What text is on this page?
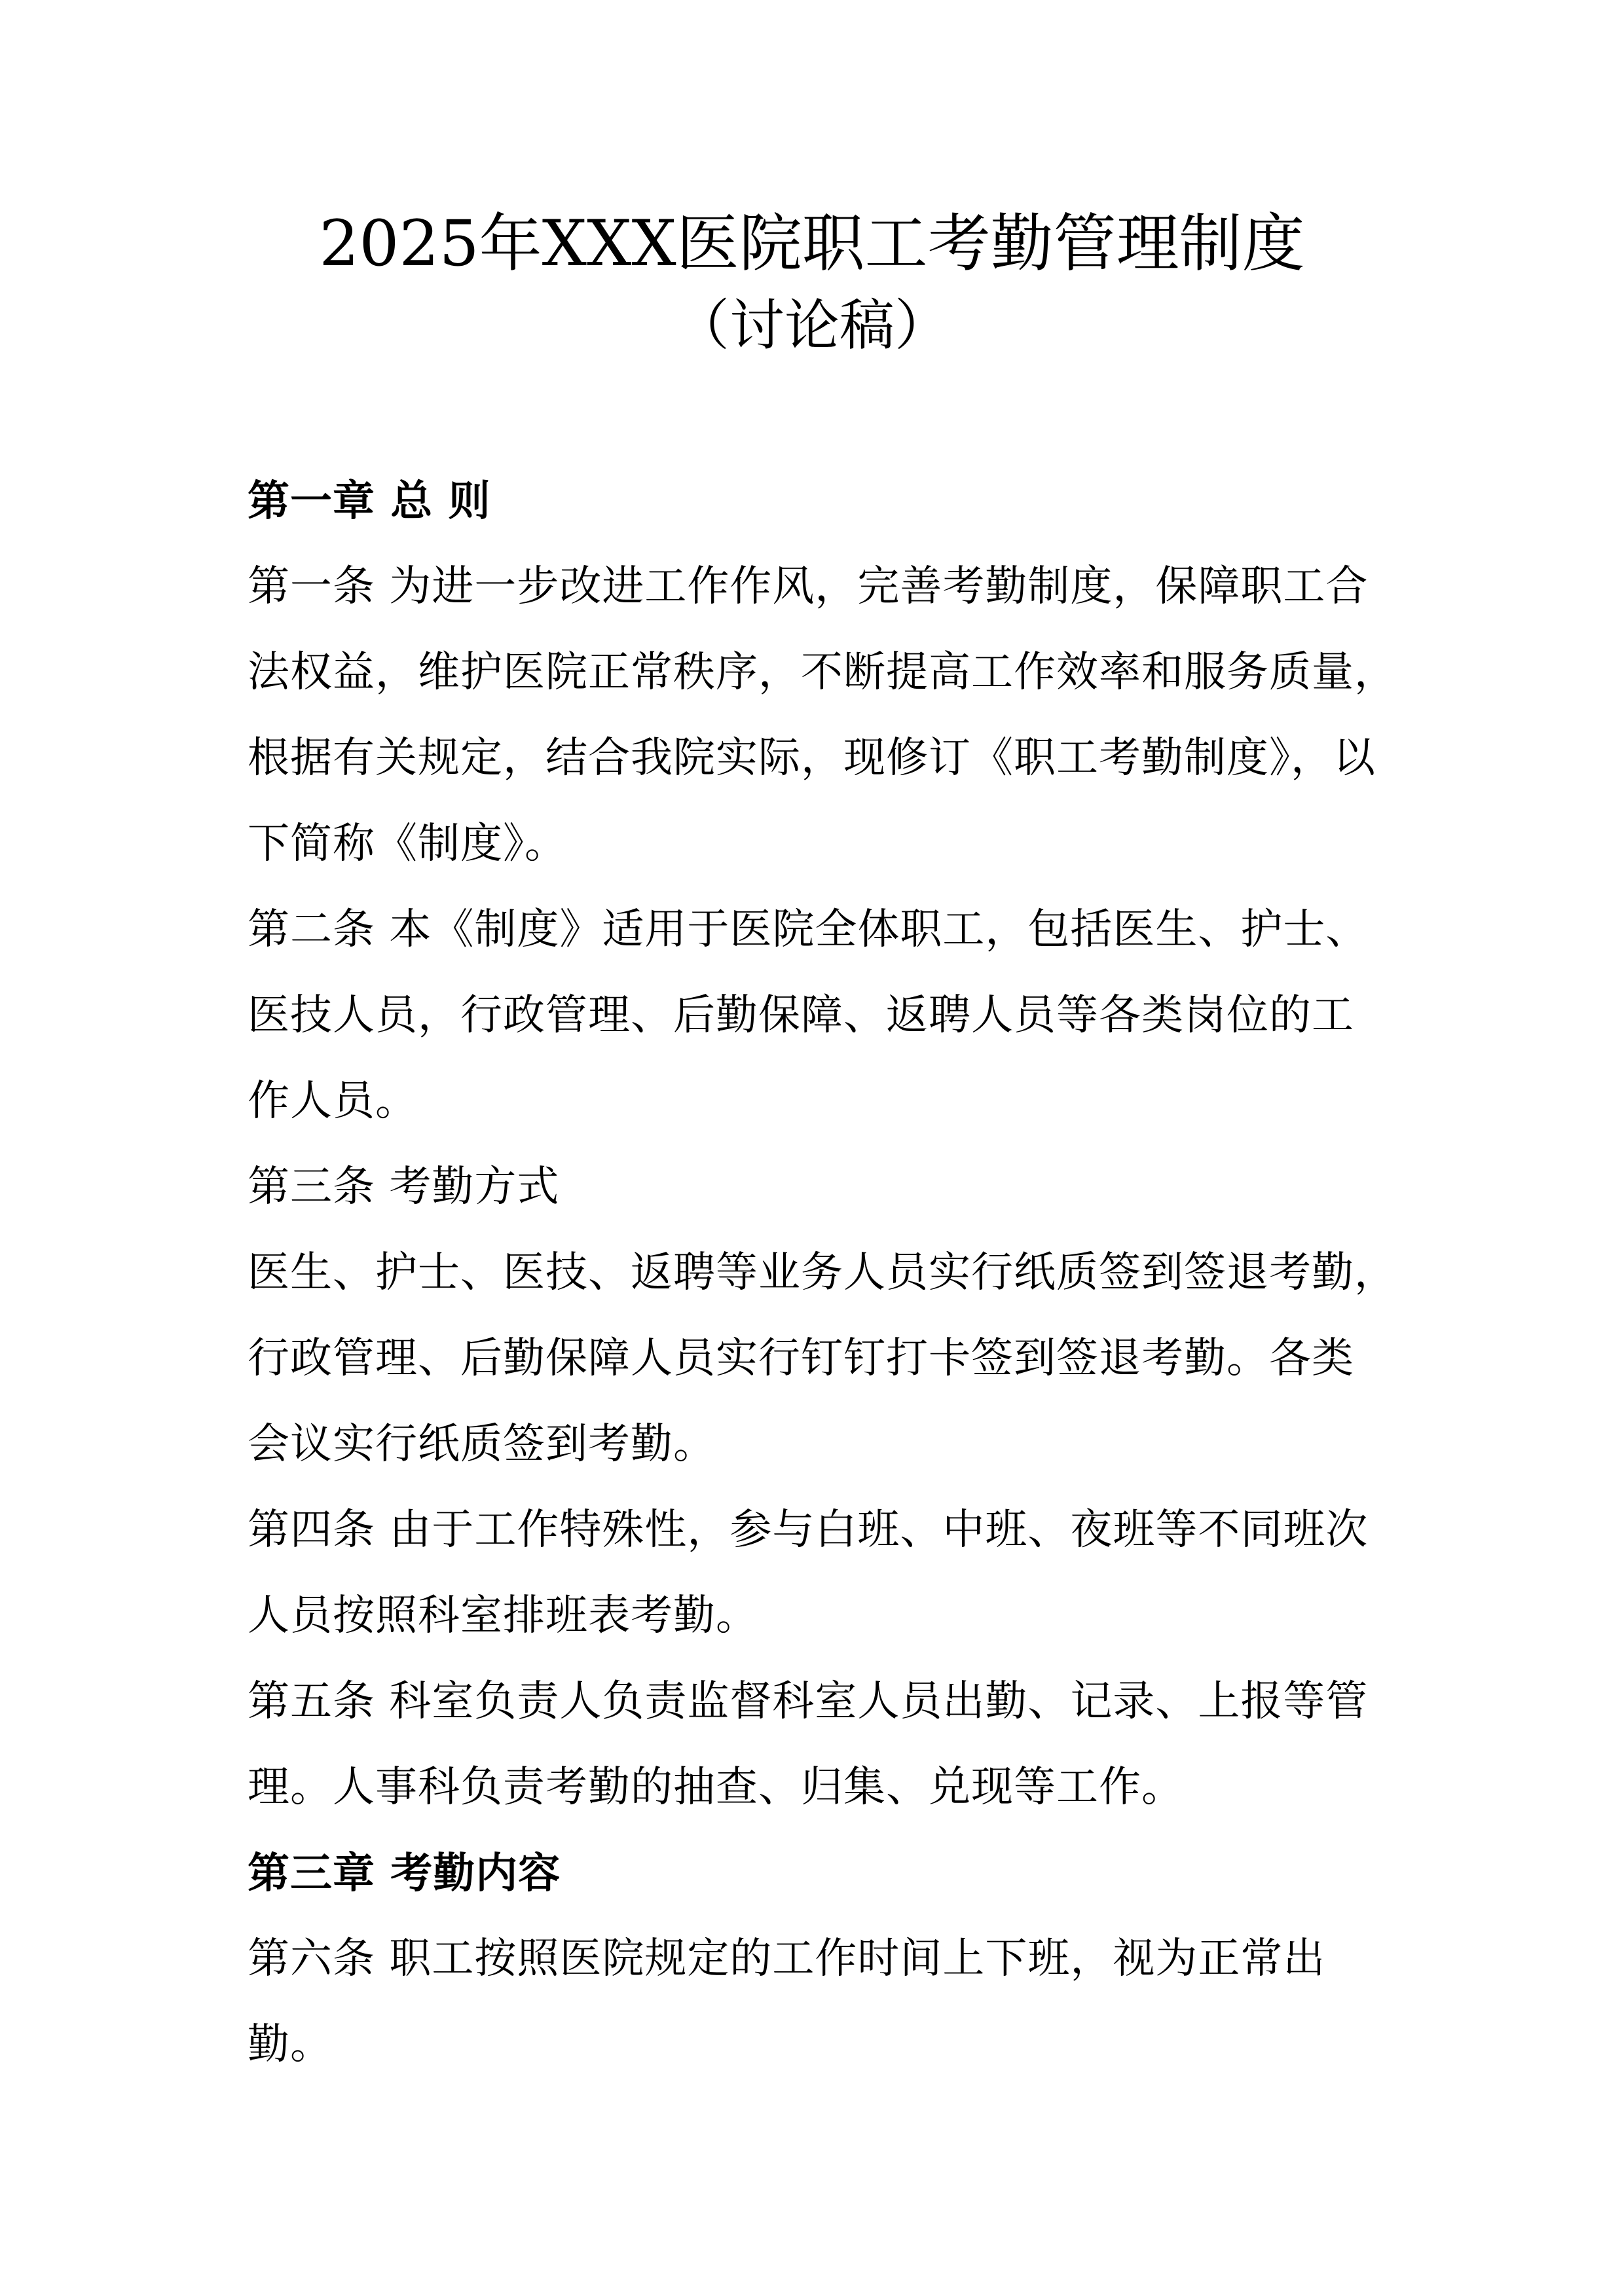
2025年XXX医院职工考勤管理制度
（讨论稿）
第一章 总 则
第一条 为进一步改进工作作风，完善考勤制度，保障职工合
法权益，维护医院正常秩序，不断提高工作效率和服务质量，
根据有关规定，结合我院实际，现修订《职工考勤制度》，以
下简称《制度》。
第二条 本《制度》适用于医院全体职工，包括医生、护士、
医技人员，行政管理、后勤保障、返聘人员等各类岗位的工
作人员。
第三条 考勤方式
医生、护士、医技、返聘等业务人员实行纸质签到签退考勤，
行政管理、后勤保障人员实行钉钉打卡签到签退考勤。各类
会议实行纸质签到考勤。
第四条 由于工作特殊性，参与白班、中班、夜班等不同班次
人员按照科室排班表考勤。
第五条 科室负责人负责监督科室人员出勤、记录、上报等管
理。人事科负责考勤的抽查、归集、兑现等工作。
第三章 考勤内容
第六条 职工按照医院规定的工作时间上下班，视为正常出
勤。
